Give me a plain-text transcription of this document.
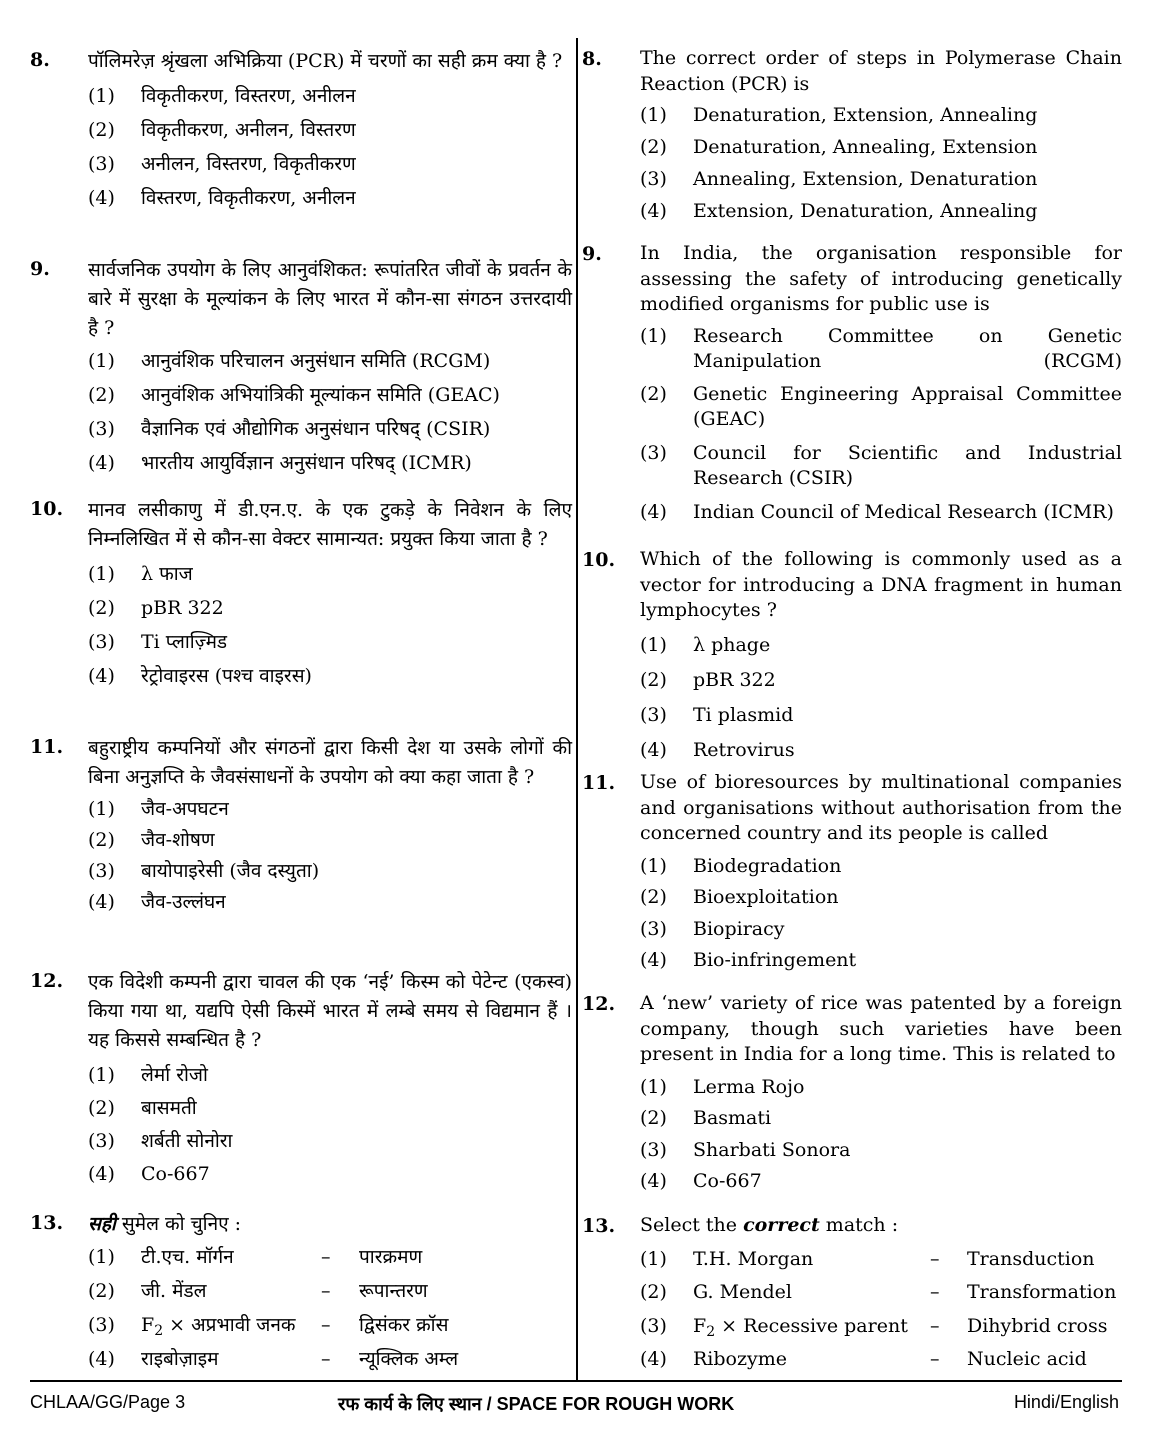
8. पॉलिमरेज़ श्रृंखला अभिक्रिया (PCR) में चरणों का सही क्रम क्या है ?
(1) विकृतीकरण, विस्तरण, अनीलन
(2) विकृतीकरण, अनीलन, विस्तरण
(3) अनीलन, विस्तरण, विकृतीकरण
(4) विस्तरण, विकृतीकरण, अनीलन
9. सार्वजनिक उपयोग के लिए आनुवंशिकत: रूपांतरित जीवों के प्रवर्तन के बारे में सुरक्षा के मूल्यांकन के लिए भारत में कौन-सा संगठन उत्तरदायी है ?
(1) आनुवंशिक परिचालन अनुसंधान समिति (RCGM)
(2) आनुवंशिक अभियांत्रिकी मूल्यांकन समिति (GEAC)
(3) वैज्ञानिक एवं औद्योगिक अनुसंधान परिषद् (CSIR)
(4) भारतीय आयुर्विज्ञान अनुसंधान परिषद् (ICMR)
10. मानव लसीकाणु में डी.एन.ए. के एक टुकड़े के निवेशन के लिए निम्नलिखित में से कौन-सा वेक्टर सामान्यत: प्रयुक्त किया जाता है ?
(1) λ फाज
(2) pBR 322
(3) Ti प्लाज़्मिड
(4) रेट्रोवाइरस (पश्च वाइरस)
11. बहुराष्ट्रीय कम्पनियों और संगठनों द्वारा किसी देश या उसके लोगों की बिना अनुज्ञप्ति के जैवसंसाधनों के उपयोग को क्या कहा जाता है ?
(1) जैव-अपघटन
(2) जैव-शोषण
(3) बायोपाइरेसी (जैव दस्युता)
(4) जैव-उल्लंघन
12. एक विदेशी कम्पनी द्वारा चावल की एक ‘नई’ किस्म को पेटेन्ट (एकस्व) किया गया था, यद्यपि ऐसी किस्में भारत में लम्बे समय से विद्यमान हैं । यह किससे सम्बन्धित है ?
(1) लेर्मा रोजो
(2) बासमती
(3) शर्बती सोनोरा
(4) Co-667
13. सही सुमेल को चुनिए :
(1) टी.एच. मॉर्गन	– पारक्रमण
(2) जी. मेंडल	– रूपान्तरण
(3) $F_2$ × अप्रभावी जनक – द्विसंकर क्रॉस
(4) राइबोज़ाइम	– न्यूक्लिक अम्ल
8. The correct order of steps in Polymerase Chain Reaction (PCR) is
(1) Denaturation, Extension, Annealing
(2) Denaturation, Annealing, Extension
(3) Annealing, Extension, Denaturation
(4) Extension, Denaturation, Annealing
9. In India, the organisation responsible for assessing the safety of introducing genetically modified organisms for public use is
(1) Research Committee on Genetic Manipulation (RCGM)
(2) Genetic Engineering Appraisal Committee (GEAC)
(3) Council for Scientific and Industrial Research (CSIR)
(4) Indian Council of Medical Research (ICMR)
10. Which of the following is commonly used as a vector for introducing a DNA fragment in human lymphocytes ?
(1) λ phage
(2) pBR 322
(3) Ti plasmid
(4) Retrovirus
11. Use of bioresources by multinational companies and organisations without authorisation from the concerned country and its people is called
(1) Biodegradation
(2) Bioexploitation
(3) Biopiracy
(4) Bio-infringement
12. A ‘new’ variety of rice was patented by a foreign company, though such varieties have been present in India for a long time. This is related to
(1) Lerma Rojo
(2) Basmati
(3) Sharbati Sonora
(4) Co-667
13. Select the correct match :
(1) T.H. Morgan	– Transduction
(2) G. Mendel	– Transformation
(3) $F_2$ × Recessive parent – Dihybrid cross
(4) Ribozyme	– Nucleic acid
CHLAA/GG/Page 3	रफ कार्य के लिए स्थान / SPACE FOR ROUGH WORK	Hindi/English
